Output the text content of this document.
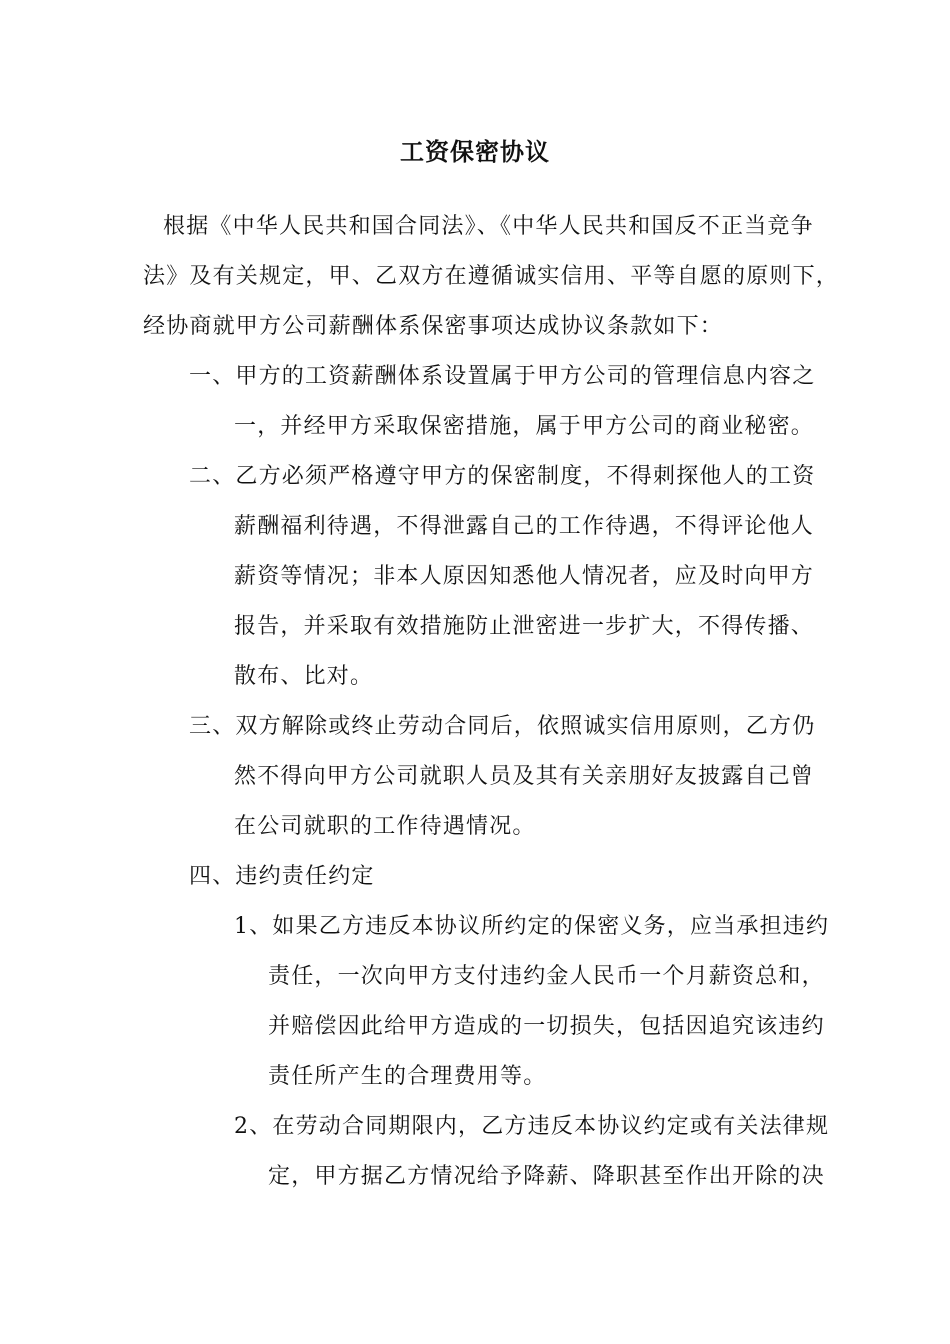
工资保密协议
根据《中华人民共和国合同法》、《中华人民共和国反不正当竞争
法》及有关规定，甲、乙双方在遵循诚实信用、平等自愿的原则下，
经协商就甲方公司薪酬体系保密事项达成协议条款如下：
一、甲方的工资薪酬体系设置属于甲方公司的管理信息内容之
一，并经甲方采取保密措施，属于甲方公司的商业秘密。
二、乙方必须严格遵守甲方的保密制度，不得刺探他人的工资
薪酬福利待遇，不得泄露自己的工作待遇，不得评论他人
薪资等情况；非本人原因知悉他人情况者，应及时向甲方
报告，并采取有效措施防止泄密进一步扩大，不得传播、
散布、比对。
三、双方解除或终止劳动合同后，依照诚实信用原则，乙方仍
然不得向甲方公司就职人员及其有关亲朋好友披露自己曾
在公司就职的工作待遇情况。
四、违约责任约定
1、如果乙方违反本协议所约定的保密义务，应当承担违约
责任，一次向甲方支付违约金人民币一个月薪资总和，
并赔偿因此给甲方造成的一切损失，包括因追究该违约
责任所产生的合理费用等。
2、在劳动合同期限内，乙方违反本协议约定或有关法律规
定，甲方据乙方情况给予降薪、降职甚至作出开除的决
